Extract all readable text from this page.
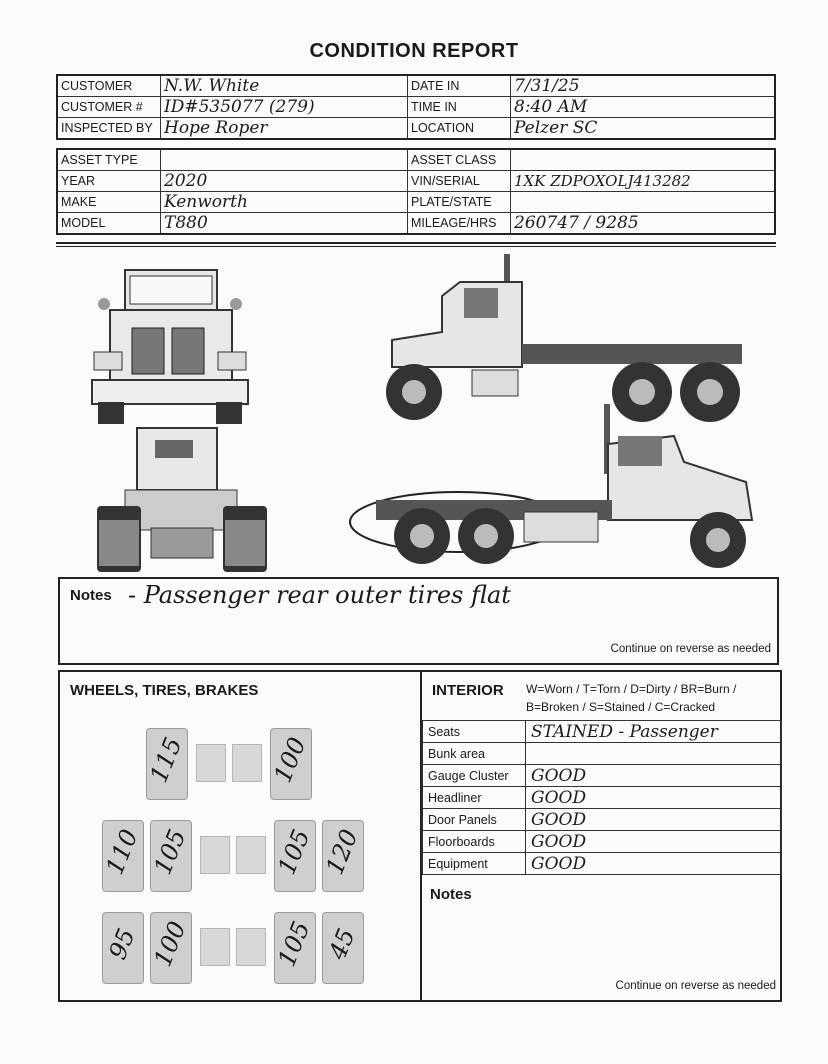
CONDITION REPORT
CUSTOMER	N.W. White	DATE IN	7/31/25
CUSTOMER #	ID#535077 (279)	TIME IN	8:40 AM
INSPECTED BY	Hope Roper	LOCATION	Pelzer SC
ASSET TYPE		ASSET CLASS	
YEAR	2020	VIN/SERIAL	1XK ZDPOXOLJ413282
MAKE	Kenworth	PLATE/STATE	
MODEL	T880	MILEAGE/HRS	260747 / 9285
Notes - Passenger rear outer tires flat
Continue on reverse as needed
WHEELS, TIRES, BRAKES
115	100
110 105	105 120
95 100	105 45
INTERIOR W=Worn / T=Torn / D=Dirty / BR=Burn / B=Broken / S=Stained / C=Cracked
Seats	STAINED - Passenger
Bunk area	
Gauge Cluster	GOOD
Headliner	GOOD
Door Panels	GOOD
Floorboards	GOOD
Equipment	GOOD
Notes
Continue on reverse as needed
